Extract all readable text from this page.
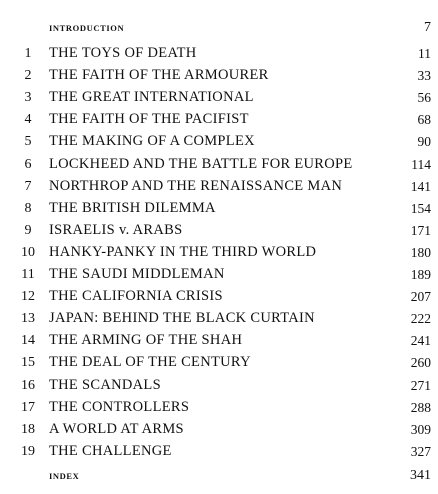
INTRODUCTION	7
1	THE TOYS OF DEATH	11
2	THE FAITH OF THE ARMOURER	33
3	THE GREAT INTERNATIONAL	56
4	THE FAITH OF THE PACIFIST	68
5	THE MAKING OF A COMPLEX	90
6	LOCKHEED AND THE BATTLE FOR EUROPE	114
7	NORTHROP AND THE RENAISSANCE MAN	141
8	THE BRITISH DILEMMA	154
9	ISRAELIS v. ARABS	171
10 HANKY-PANKY IN THE THIRD WORLD	180
11 THE SAUDI MIDDLEMAN	189
12 THE CALIFORNIA CRISIS	207
13 JAPAN: BEHIND THE BLACK CURTAIN	222
14 THE ARMING OF THE SHAH	241
15 THE DEAL OF THE CENTURY	260
16 THE SCANDALS	271
17 THE CONTROLLERS	288
18 A WORLD AT ARMS	309
19 THE CHALLENGE	327
INDEX	341
